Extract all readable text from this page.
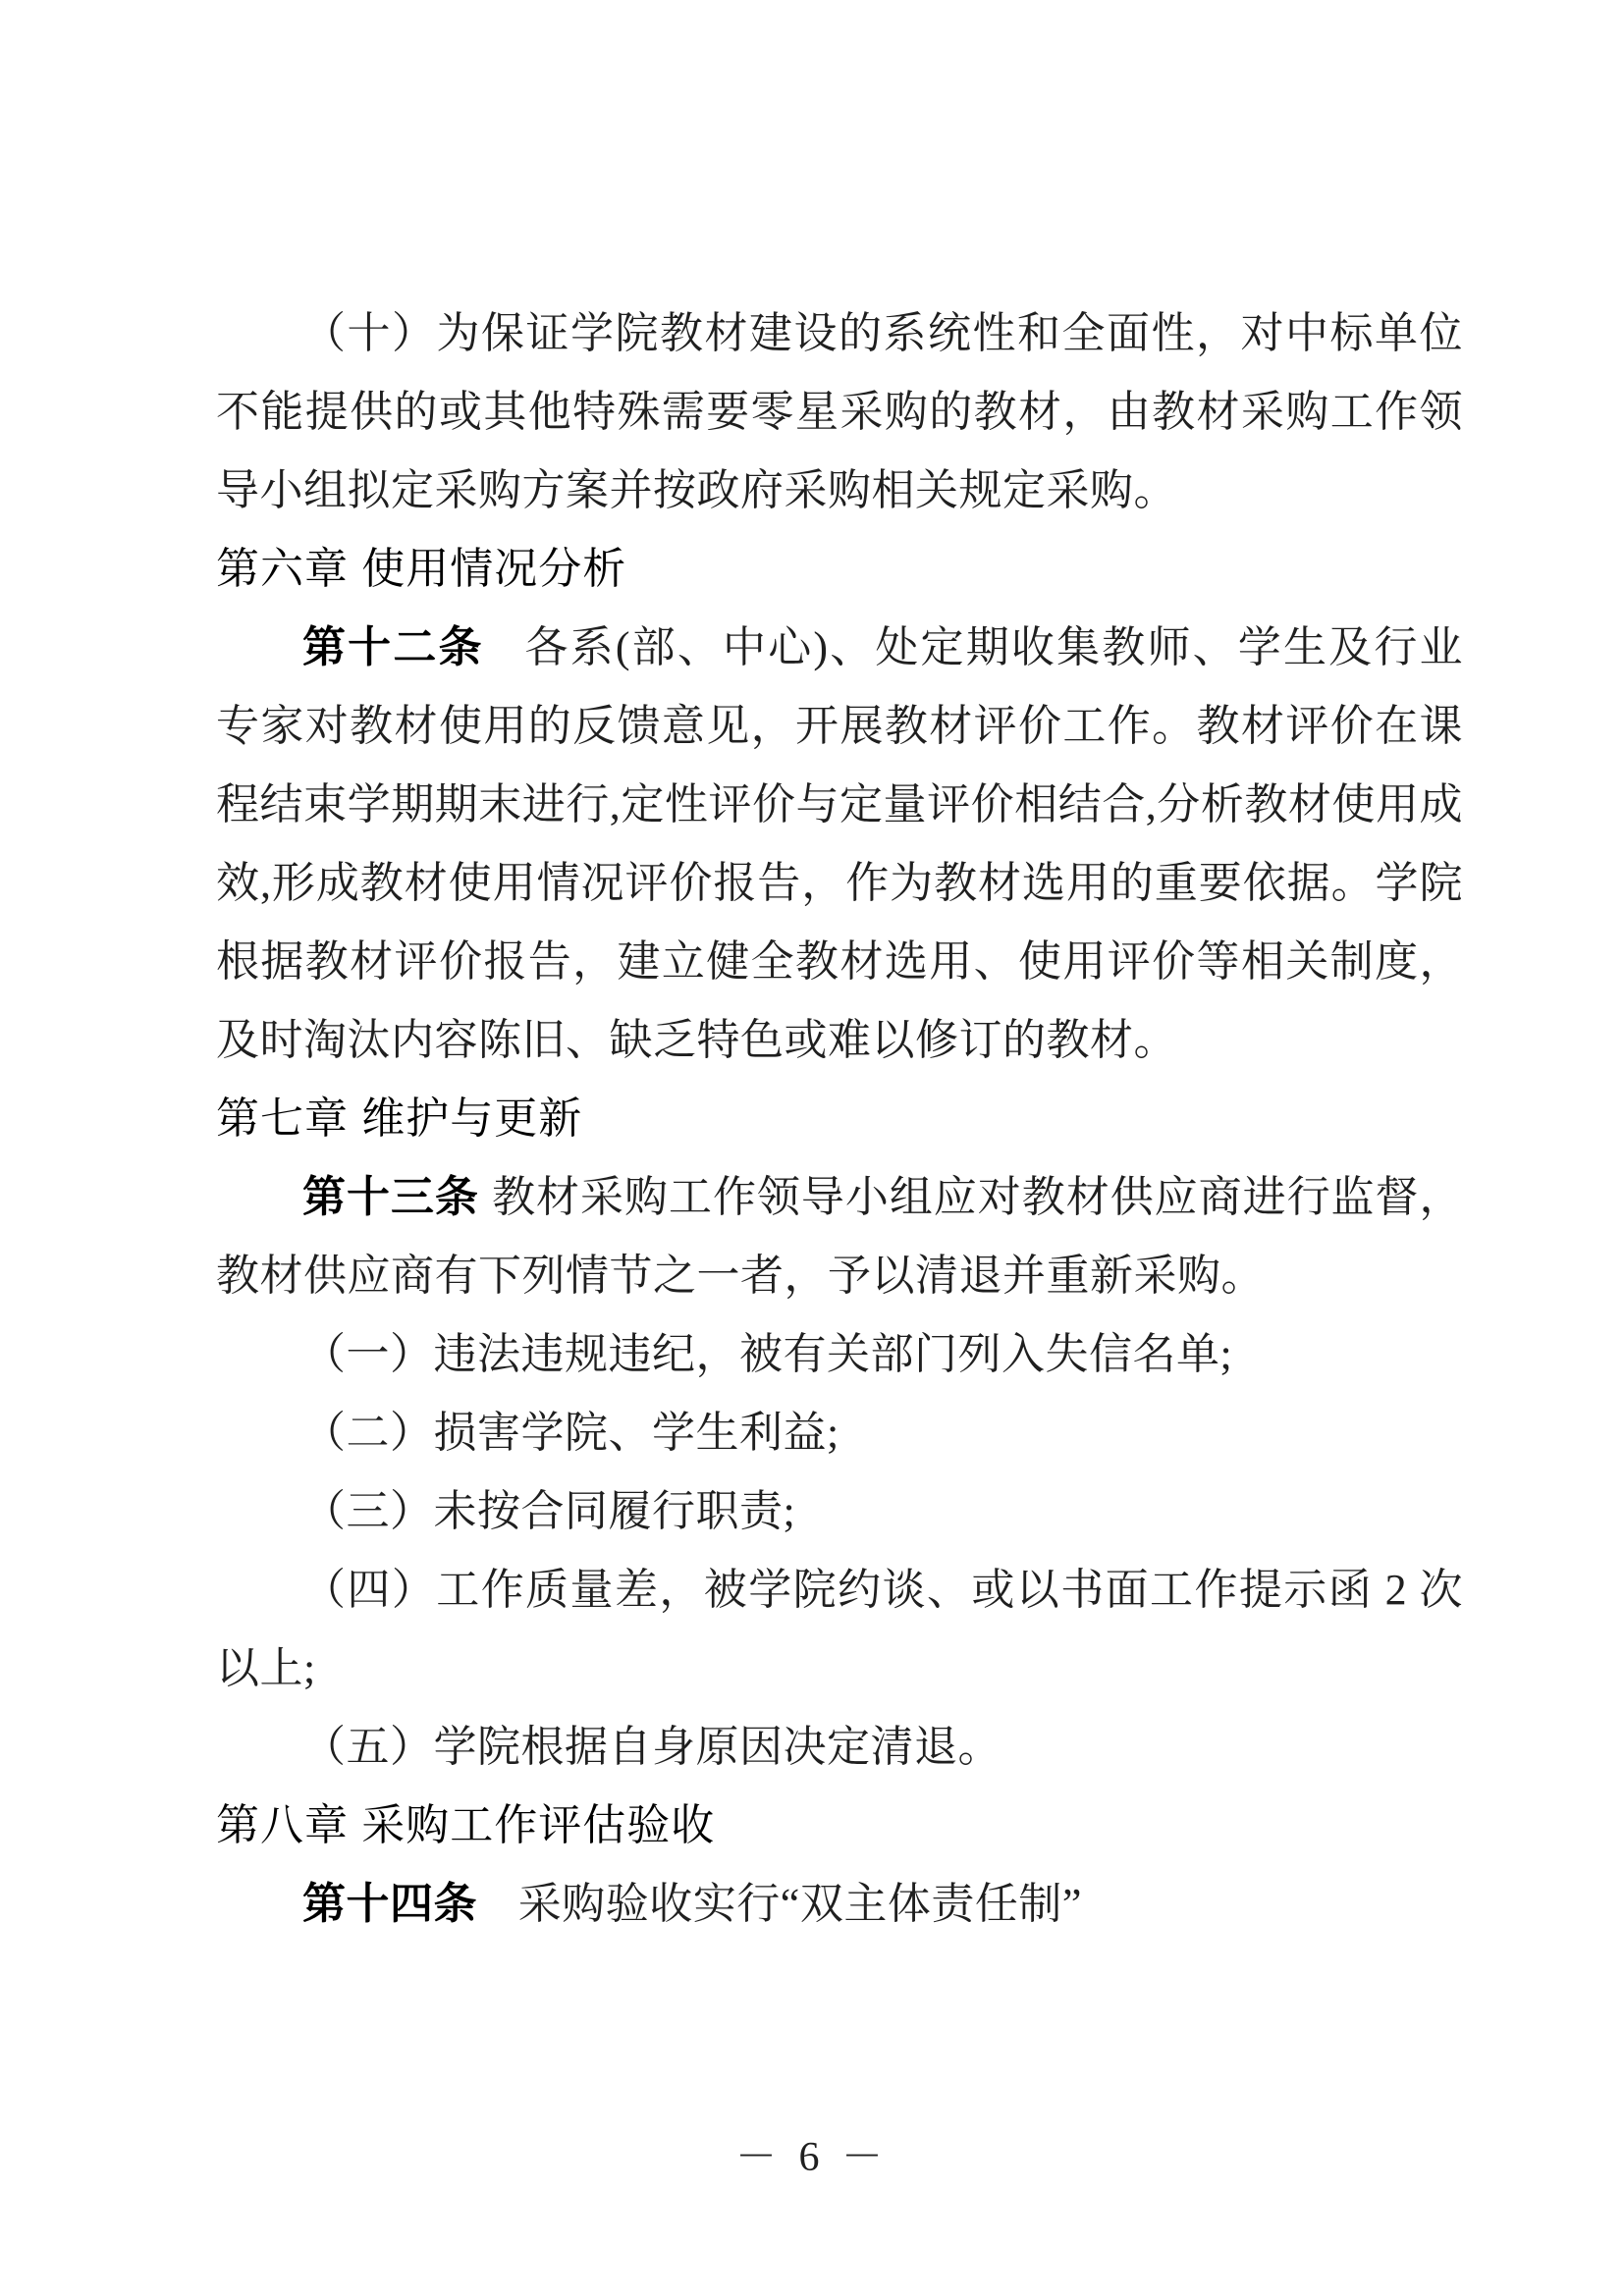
（十）为保证学院教材建设的系统性和全面性，对中标单位不能提供的或其他特殊需要零星采购的教材，由教材采购工作领导小组拟定采购方案并按政府采购相关规定采购。

第六章 使用情况分析

第十二条 各系(部、中心)、处定期收集教师、学生及行业专家对教材使用的反馈意见，开展教材评价工作。教材评价在课程结束学期期末进行,定性评价与定量评价相结合,分析教材使用成效,形成教材使用情况评价报告，作为教材选用的重要依据。学院根据教材评价报告，建立健全教材选用、使用评价等相关制度，及时淘汰内容陈旧、缺乏特色或难以修订的教材。

第七章 维护与更新

第十三条 教材采购工作领导小组应对教材供应商进行监督，教材供应商有下列情节之一者，予以清退并重新采购。

（一）违法违规违纪，被有关部门列入失信名单;

（二）损害学院、学生利益;

（三）未按合同履行职责;

（四）工作质量差，被学院约谈、或以书面工作提示函 2 次以上;

（五）学院根据自身原因决定清退。

第八章 采购工作评估验收

第十四条 采购验收实行“双主体责任制”

－ 6 －
